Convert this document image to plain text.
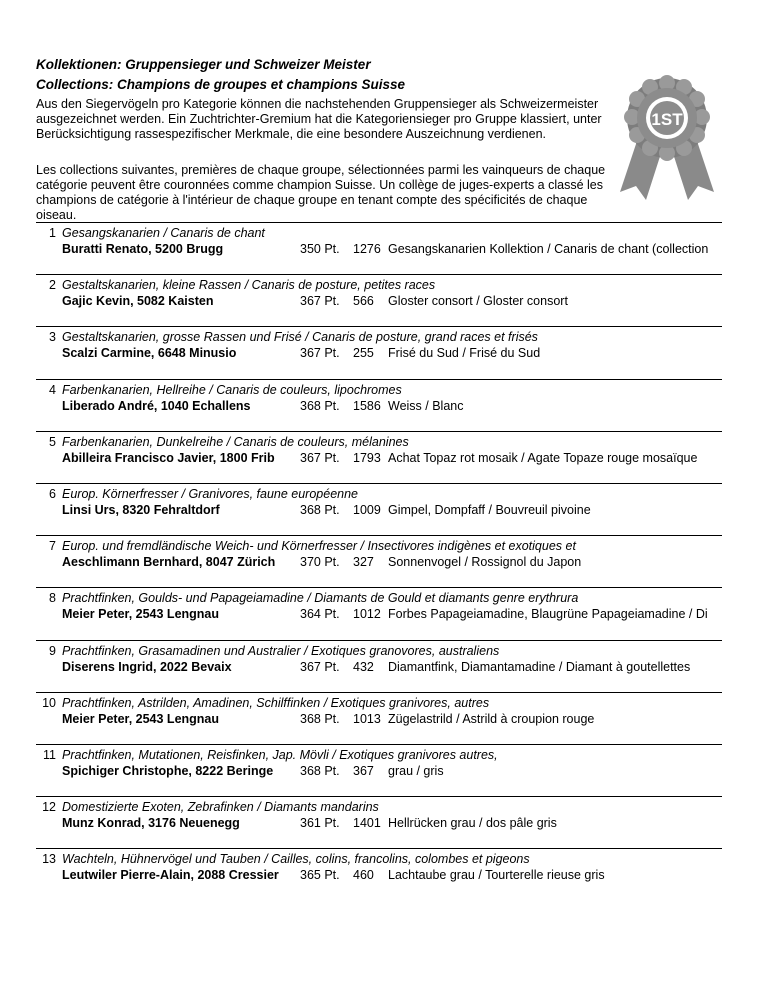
Kollektionen: Gruppensieger und Schweizer Meister
Collections: Champions de groupes et champions Suisse

Aus den Siegervögeln pro Kategorie können die nachstehenden Gruppensieger als Schweizermeister ausgezeichnet werden. Ein Zuchtrichter-Gremium hat die Kategoriensieger pro Gruppe klassiert, unter Berücksichtigung rassespezifischer Merkmale, die eine besondere Auszeichnung verdienen.

Les collections suivantes, premières de chaque groupe, sélectionnées parmi les vainqueurs de chaque catégorie peuvent être couronnées comme champion Suisse. Un collège de juges-experts a classé les champions de catégorie à l'intérieur de chaque groupe en tenant compte des spécificités de chaque oiseau.

1ST
1 Gesangskanarien / Canaris de chant
Buratti Renato, 5200 Brugg	350 Pt. 1276 Gesangskanarien Kollektion / Canaris de chant (collection
2 Gestaltskanarien, kleine Rassen / Canaris de posture, petites races
Gajic Kevin, 5082 Kaisten	367 Pt. 566 Gloster consort / Gloster consort
3 Gestaltskanarien, grosse Rassen und Frisé / Canaris de posture, grand races et frisés
Scalzi Carmine, 6648 Minusio	367 Pt. 255 Frisé du Sud / Frisé du Sud
4 Farbenkanarien, Hellreihe / Canaris de couleurs, lipochromes
Liberado André, 1040 Echallens	368 Pt. 1586 Weiss / Blanc
5 Farbenkanarien, Dunkelreihe / Canaris de couleurs, mélanines
Abilleira Francisco Javier, 1800 Frib 367 Pt. 1793 Achat Topaz rot mosaik / Agate Topaze rouge mosaïque
6 Europ. Körnerfresser / Granivores, faune européenne
Linsi Urs, 8320 Fehraltdorf	368 Pt. 1009 Gimpel, Dompfaff / Bouvreuil pivoine
7 Europ. und fremdländische Weich- und Körnerfresser / Insectivores indigènes et exotiques et
Aeschlimann Bernhard, 8047 Zürich 370 Pt. 327 Sonnenvogel / Rossignol du Japon
8 Prachtfinken, Goulds- und Papageiamadine / Diamants de Gould et diamants genre erythrura
Meier Peter, 2543 Lengnau	364 Pt. 1012 Forbes Papageiamadine, Blaugrüne Papageiamadine / Di
9 Prachtfinken, Grasamadinen und Australier / Exotiques granovores, australiens
Diserens Ingrid, 2022 Bevaix	367 Pt. 432 Diamantfink, Diamantamadine / Diamant à goutellettes
10 Prachtfinken, Astrilden, Amadinen, Schilffinken / Exotiques granivores, autres
Meier Peter, 2543 Lengnau	368 Pt. 1013 Zügelastrild / Astrild à croupion rouge
11 Prachtfinken, Mutationen, Reisfinken, Jap. Mövli / Exotiques granivores autres,
Spichiger Christophe, 8222 Beringe 368 Pt. 367 grau / gris
12 Domestizierte Exoten, Zebrafinken / Diamants mandarins
Munz Konrad, 3176 Neuenegg	361 Pt. 1401 Hellrücken grau / dos pâle gris
13 Wachteln, Hühnervögel und Tauben / Cailles, colins, francolins, colombes et pigeons
Leutwiler Pierre-Alain, 2088 Cressier 365 Pt. 460 Lachtaube grau / Tourterelle rieuse gris
